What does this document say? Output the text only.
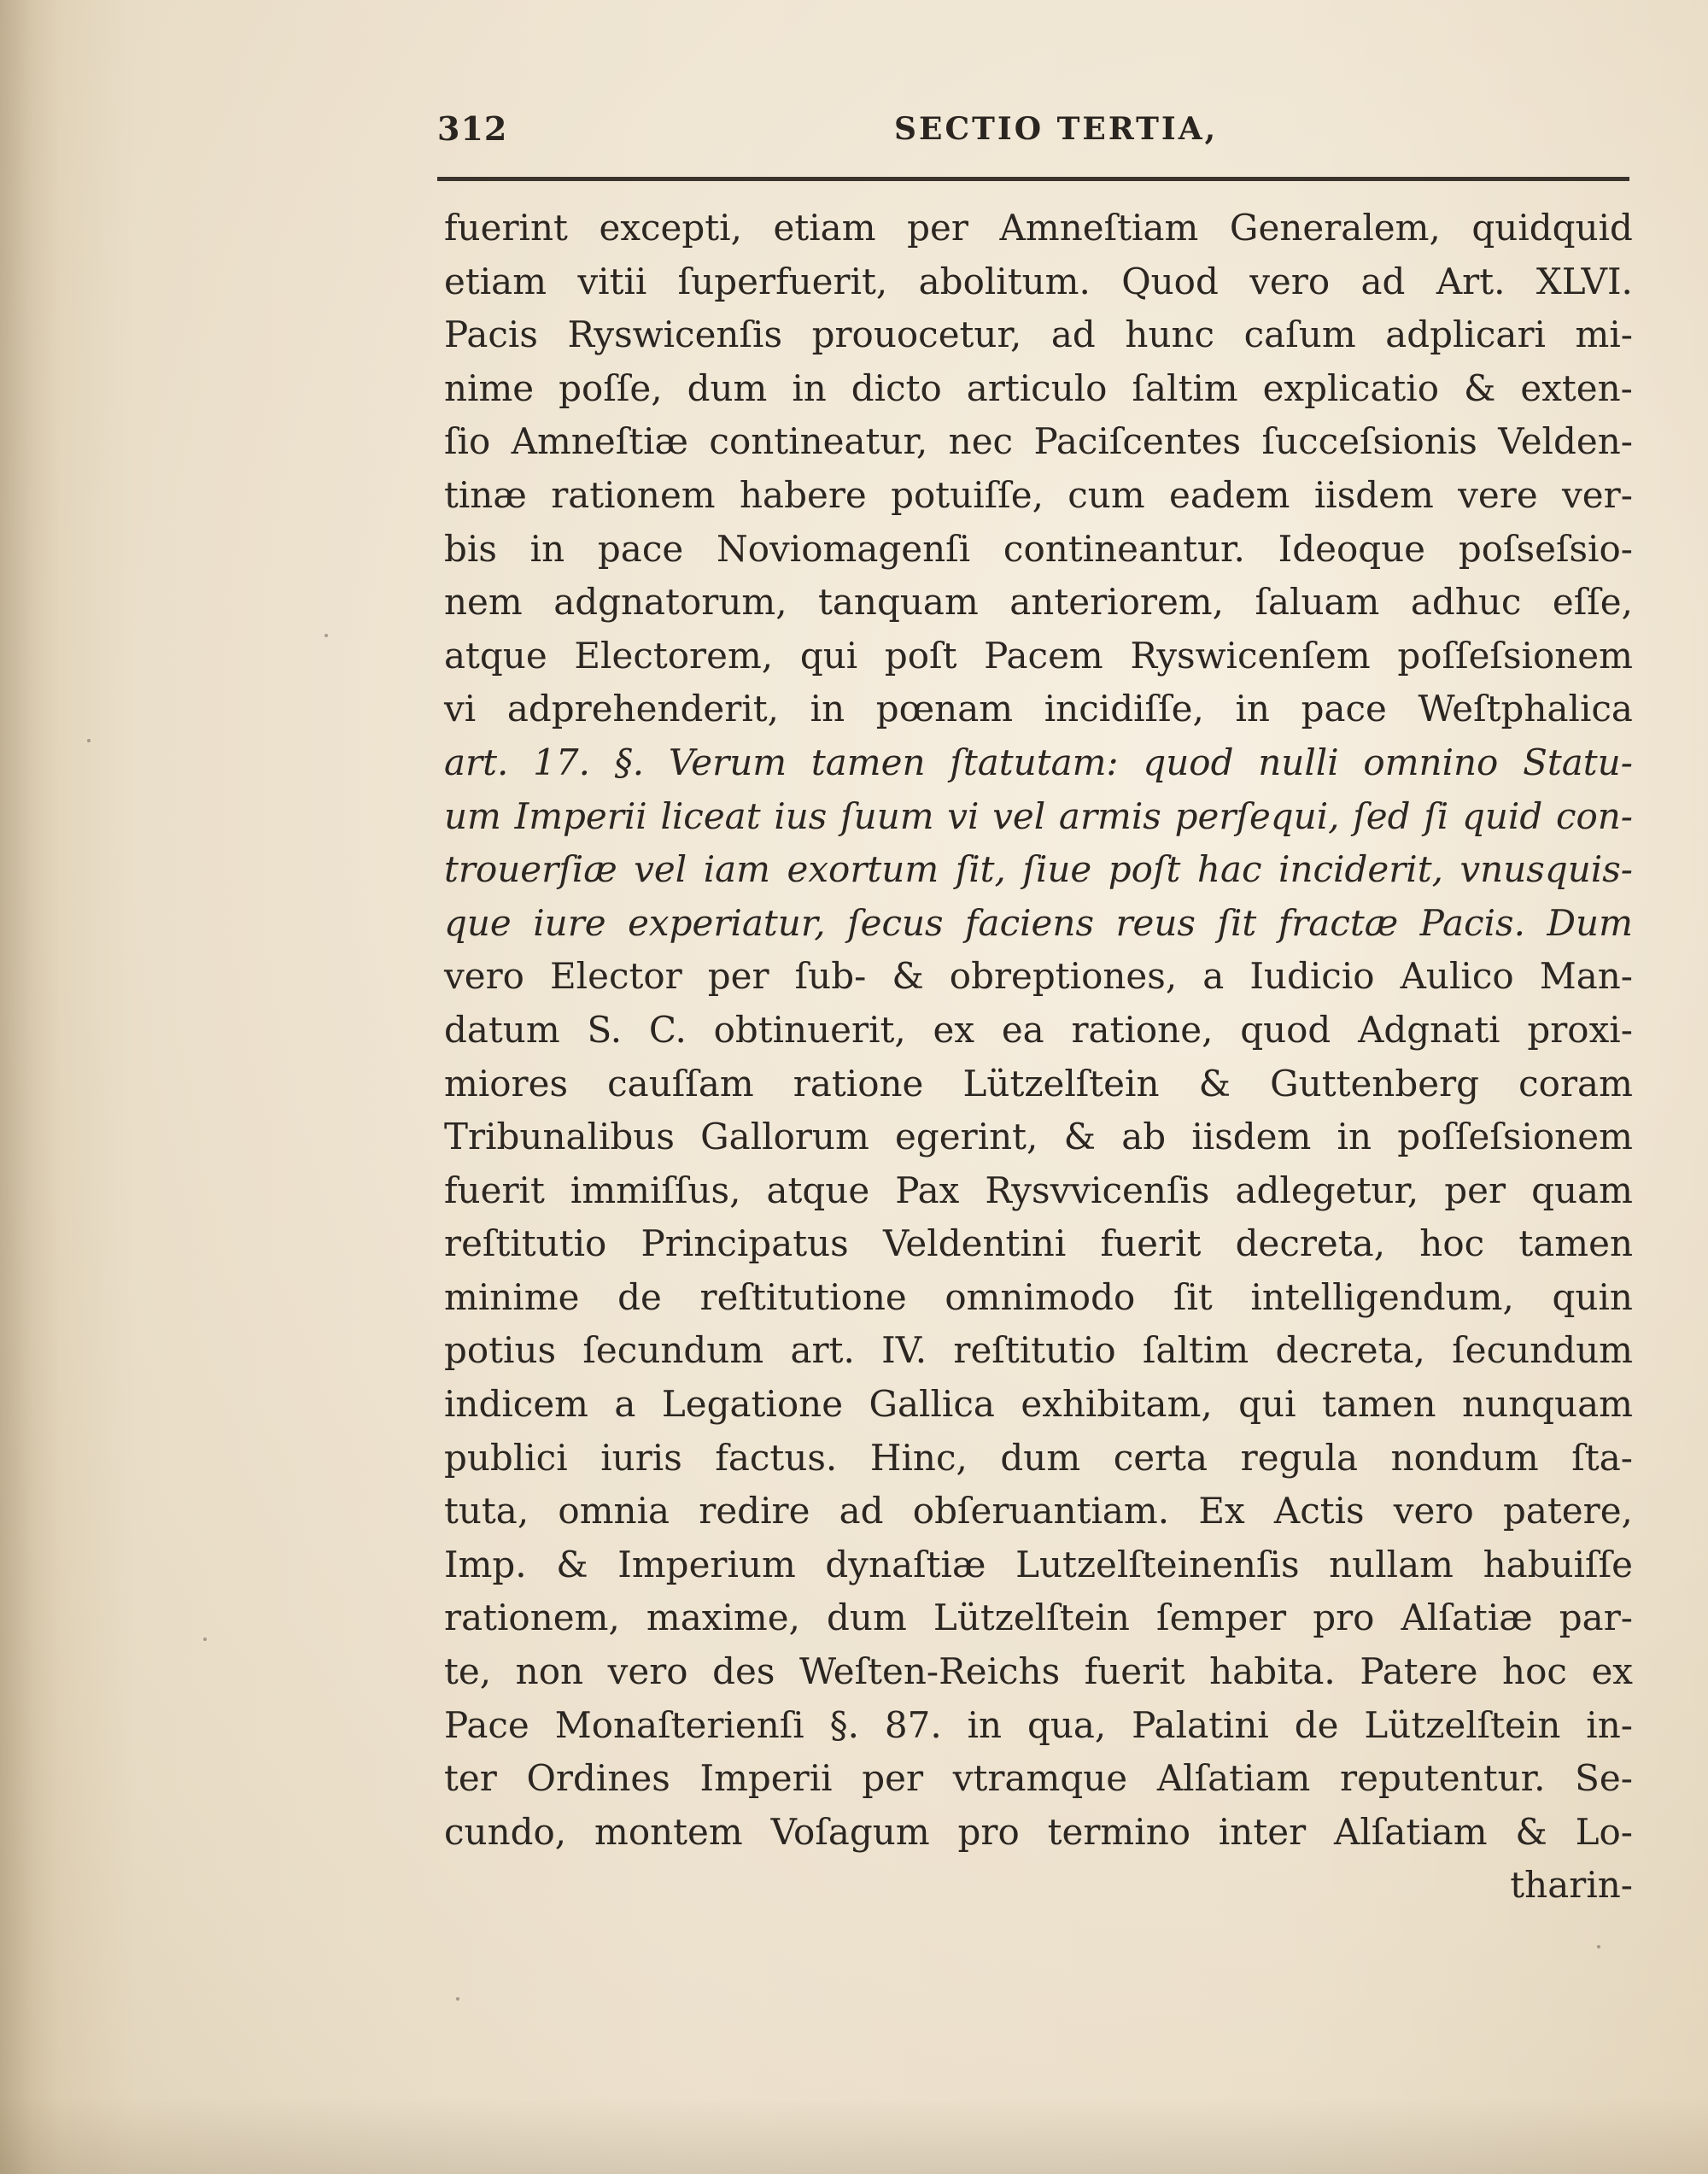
312	SECTIO TERTIA,
fuerint excepti, etiam per Amneſtiam Generalem, quidquid
etiam vitii ſuperfuerit, abolitum. Quod vero ad Art. XLVI.
Pacis Ryswicenſis prouocetur, ad hunc caſum adplicari mi-
nime poſſe, dum in dicto articulo ſaltim explicatio & exten-
ſio Amneſtiæ contineatur, nec Paciſcentes ſucceſsionis Velden-
tinæ rationem habere potuiſſe, cum eadem iisdem vere ver-
bis in pace Noviomagenſi contineantur. Ideoque poſseſsio-
nem adgnatorum, tanquam anteriorem, ſaluam adhuc eſſe,
atque Electorem, qui poſt Pacem Ryswicenſem poſſeſsionem
vi adprehenderit, in pœnam incidiſſe, in pace Weſtphalica
art. 17. §. Verum tamen ſtatutam: quod nulli omnino Statu-
um Imperii liceat ius ſuum vi vel armis perſequi, ſed ſi quid con-
trouerſiæ vel iam exortum ſit, ſiue poſt hac inciderit, vnusquis-
que iure experiatur, ſecus faciens reus ſit fractæ Pacis. Dum
vero Elector per ſub- & obreptiones, a Iudicio Aulico Man-
datum S. C. obtinuerit, ex ea ratione, quod Adgnati proxi-
miores cauſſam ratione Lützelſtein & Guttenberg coram
Tribunalibus Gallorum egerint, & ab iisdem in poſſeſsionem
fuerit immiſſus, atque Pax Rysvvicenſis adlegetur, per quam
reſtitutio Principatus Veldentini fuerit decreta, hoc tamen
minime de reſtitutione omnimodo ſit intelligendum, quin
potius ſecundum art. IV. reſtitutio ſaltim decreta, ſecundum
indicem a Legatione Gallica exhibitam, qui tamen nunquam
publici iuris factus. Hinc, dum certa regula nondum ſta-
tuta, omnia redire ad obſeruantiam. Ex Actis vero patere,
Imp. & Imperium dynaſtiæ Lutzelſteinenſis nullam habuiſſe
rationem, maxime, dum Lützelſtein ſemper pro Alſatiæ par-
te, non vero des Weſten-Reichs fuerit habita. Patere hoc ex
Pace Monaſterienſi §. 87. in qua, Palatini de Lützelſtein in-
ter Ordines Imperii per vtramque Alſatiam reputentur. Se-
cundo, montem Voſagum pro termino inter Alſatiam & Lo-
tharin-
